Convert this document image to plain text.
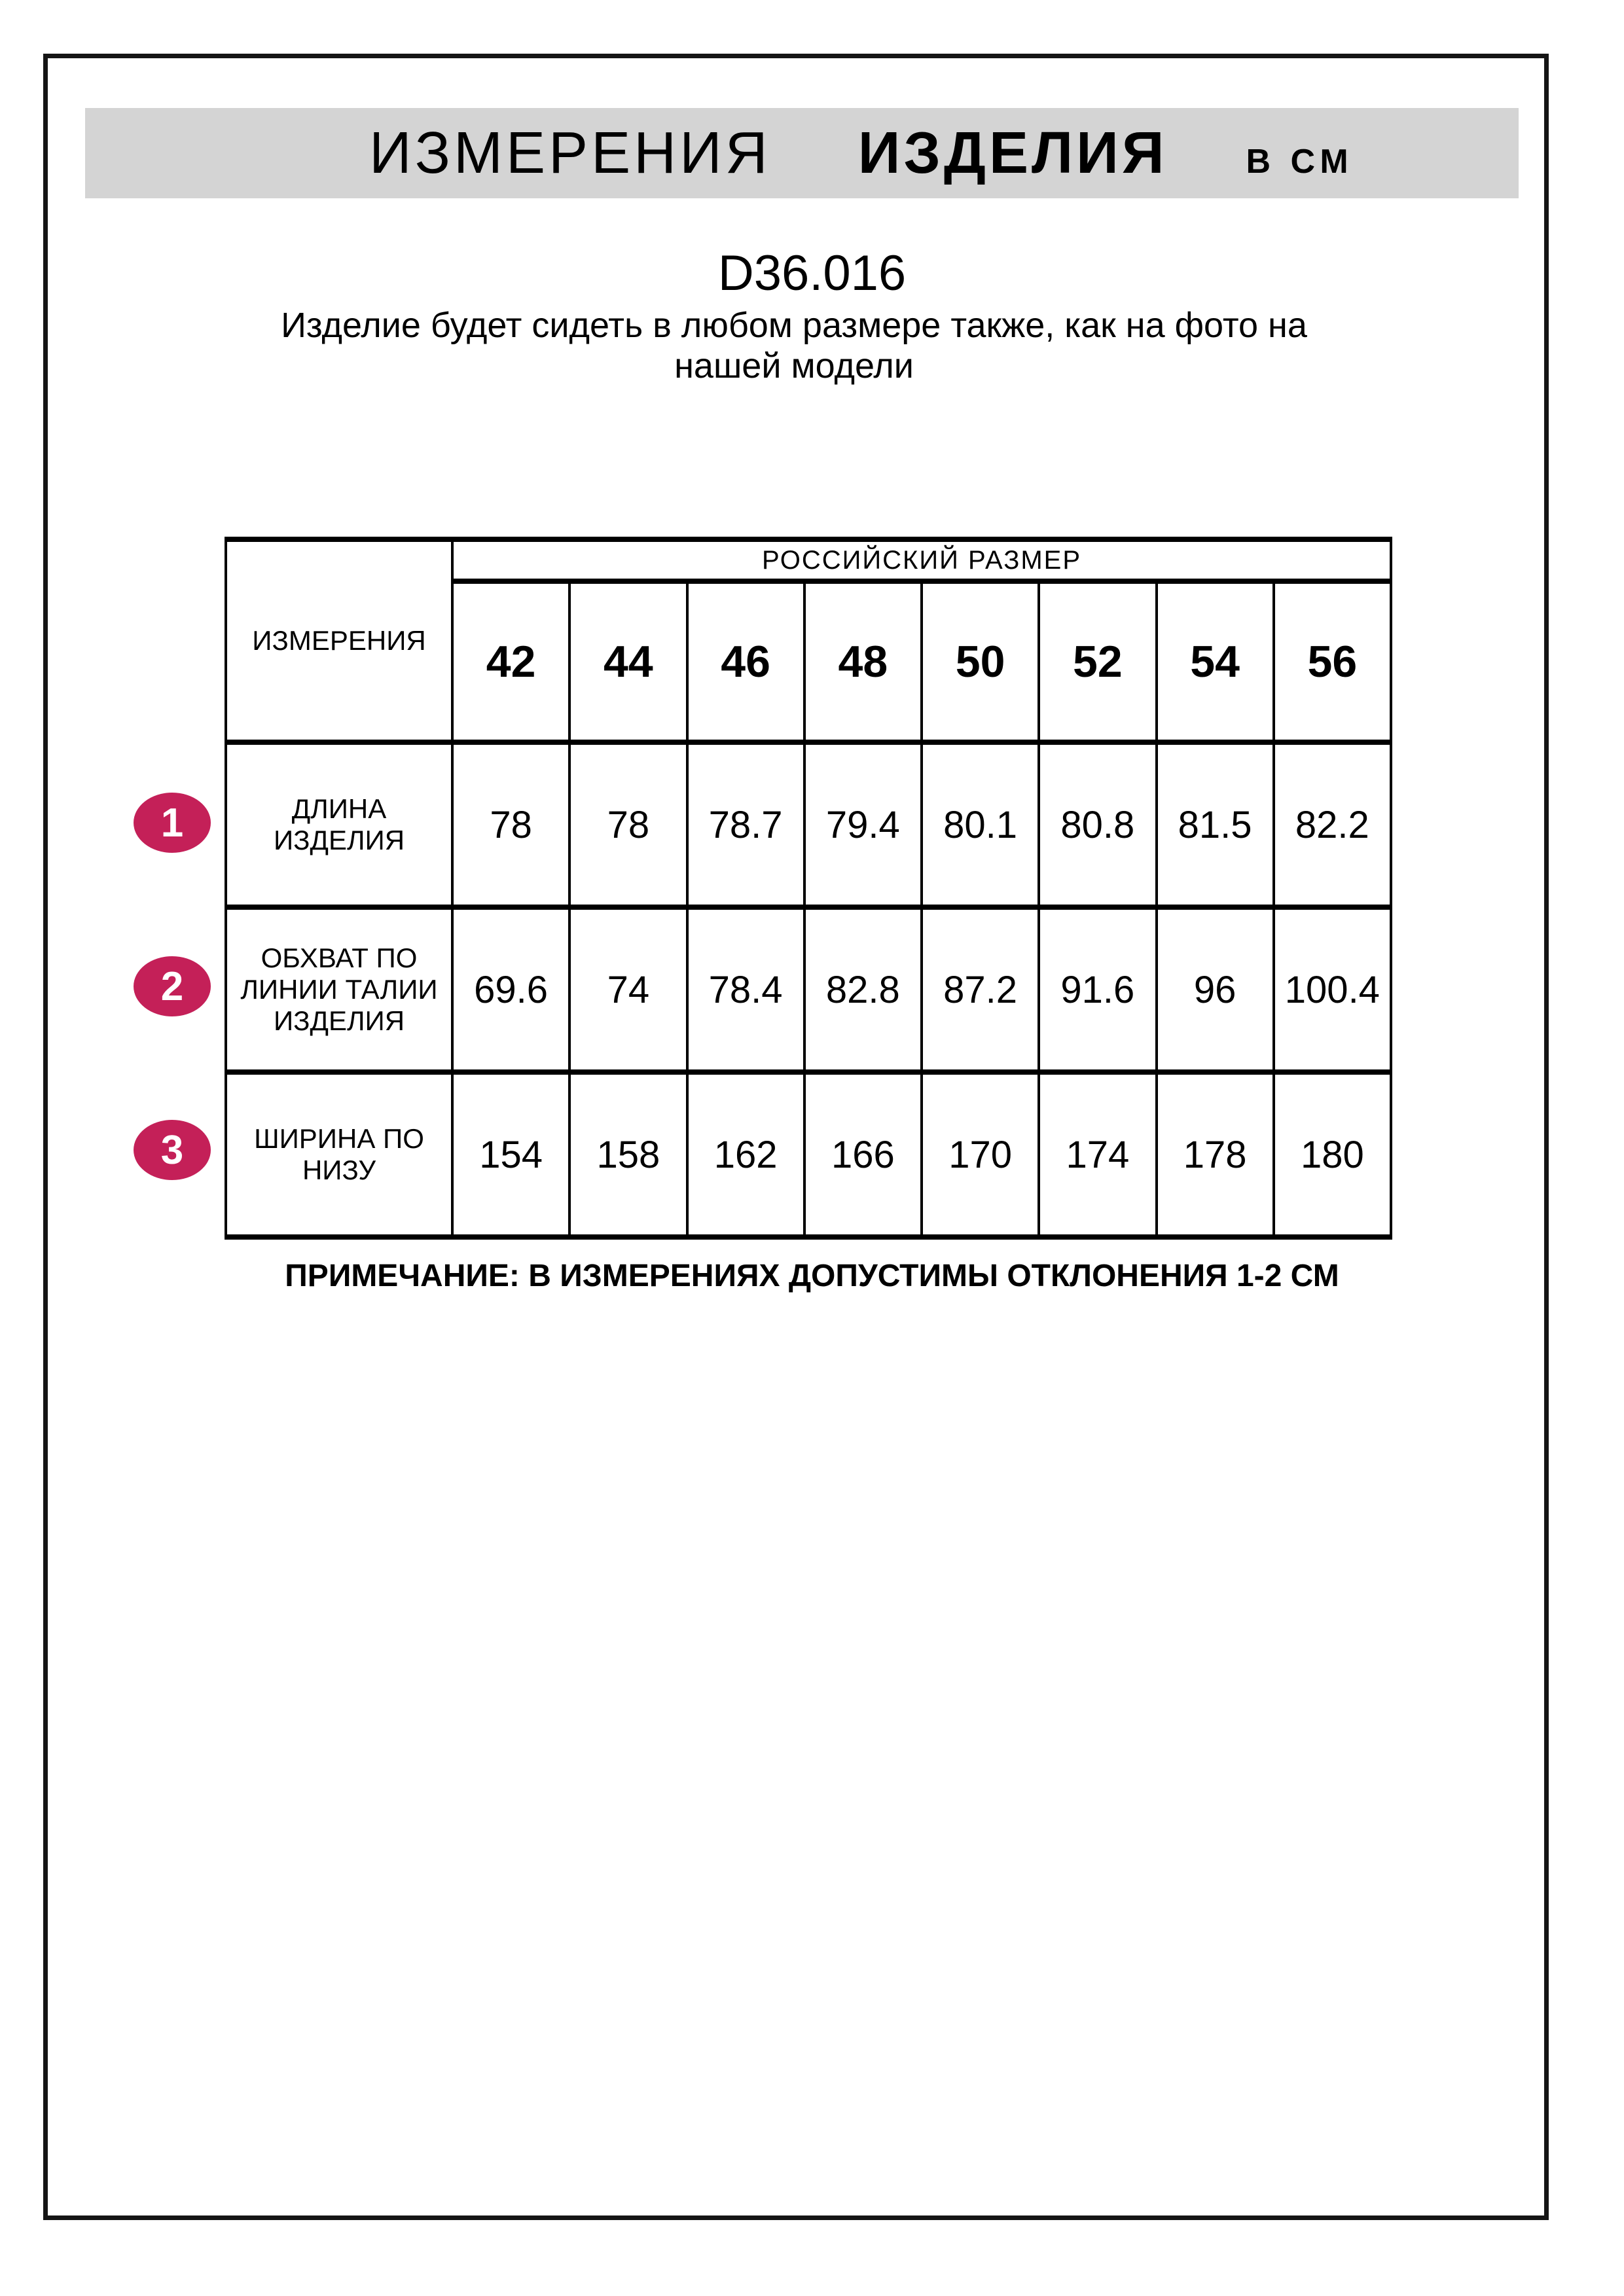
ИЗМЕРЕНИЯ ИЗДЕЛИЯ В СМ
D36.016
Изделие будет сидеть в любом размере также, как на фото на
нашей модели
ИЗМЕРЕНИЯ	РОССИЙСКИЙ РАЗМЕР							
	42	44	46	48	50	52	54	56
ДЛИНА ИЗДЕЛИЯ	78	78	78.7	79.4	80.1	80.8	81.5	82.2
ОБХВАТ ПО ЛИНИИ ТАЛИИ ИЗДЕЛИЯ	69.6	74	78.4	82.8	87.2	91.6	96	100.4
ШИРИНА ПО НИЗУ	154	158	162	166	170	174	178	180
1
2
3
ПРИМЕЧАНИЕ: В ИЗМЕРЕНИЯХ ДОПУСТИМЫ ОТКЛОНЕНИЯ 1-2 СМ
